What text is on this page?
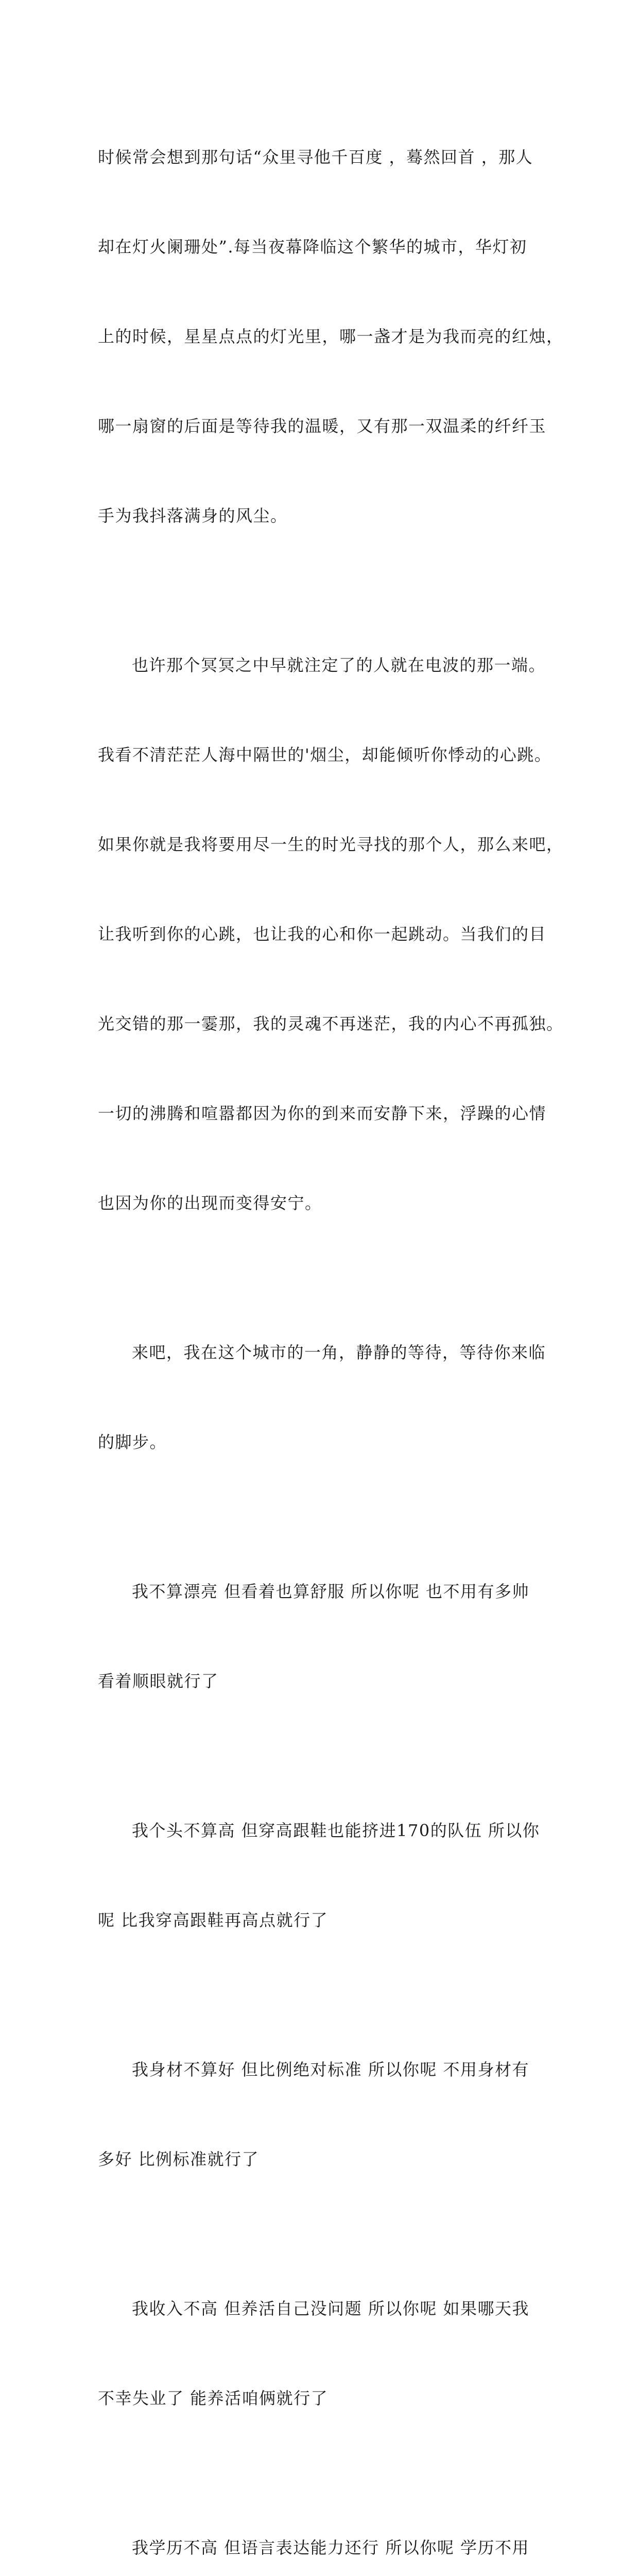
时候常会想到那句话“众里寻他千百度 ，蓦然回首 ，那人

却在灯火阑珊处”.每当夜幕降临这个繁华的城市，华灯初

上的时候，星星点点的灯光里，哪一盏才是为我而亮的红烛，

哪一扇窗的后面是等待我的温暖，又有那一双温柔的纤纤玉

手为我抖落满身的风尘。

也许那个冥冥之中早就注定了的人就在电波的那一端。

我看不清茫茫人海中隔世的'烟尘，却能倾听你悸动的心跳。

如果你就是我将要用尽一生的时光寻找的那个人，那么来吧，

让我听到你的心跳，也让我的心和你一起跳动。当我们的目

光交错的那一霎那，我的灵魂不再迷茫，我的内心不再孤独。

一切的沸腾和喧嚣都因为你的到来而安静下来，浮躁的心情

也因为你的出现而变得安宁。

来吧，我在这个城市的一角，静静的等待，等待你来临

的脚步。

我不算漂亮 但看着也算舒服 所以你呢 也不用有多帅

看着顺眼就行了

我个头不算高 但穿高跟鞋也能挤进170的队伍 所以你

呢 比我穿高跟鞋再高点就行了

我身材不算好 但比例绝对标准 所以你呢 不用身材有

多好 比例标准就行了

我收入不高 但养活自己没问题 所以你呢 如果哪天我

不幸失业了 能养活咱俩就行了

我学历不高 但语言表达能力还行 所以你呢 学历不用
